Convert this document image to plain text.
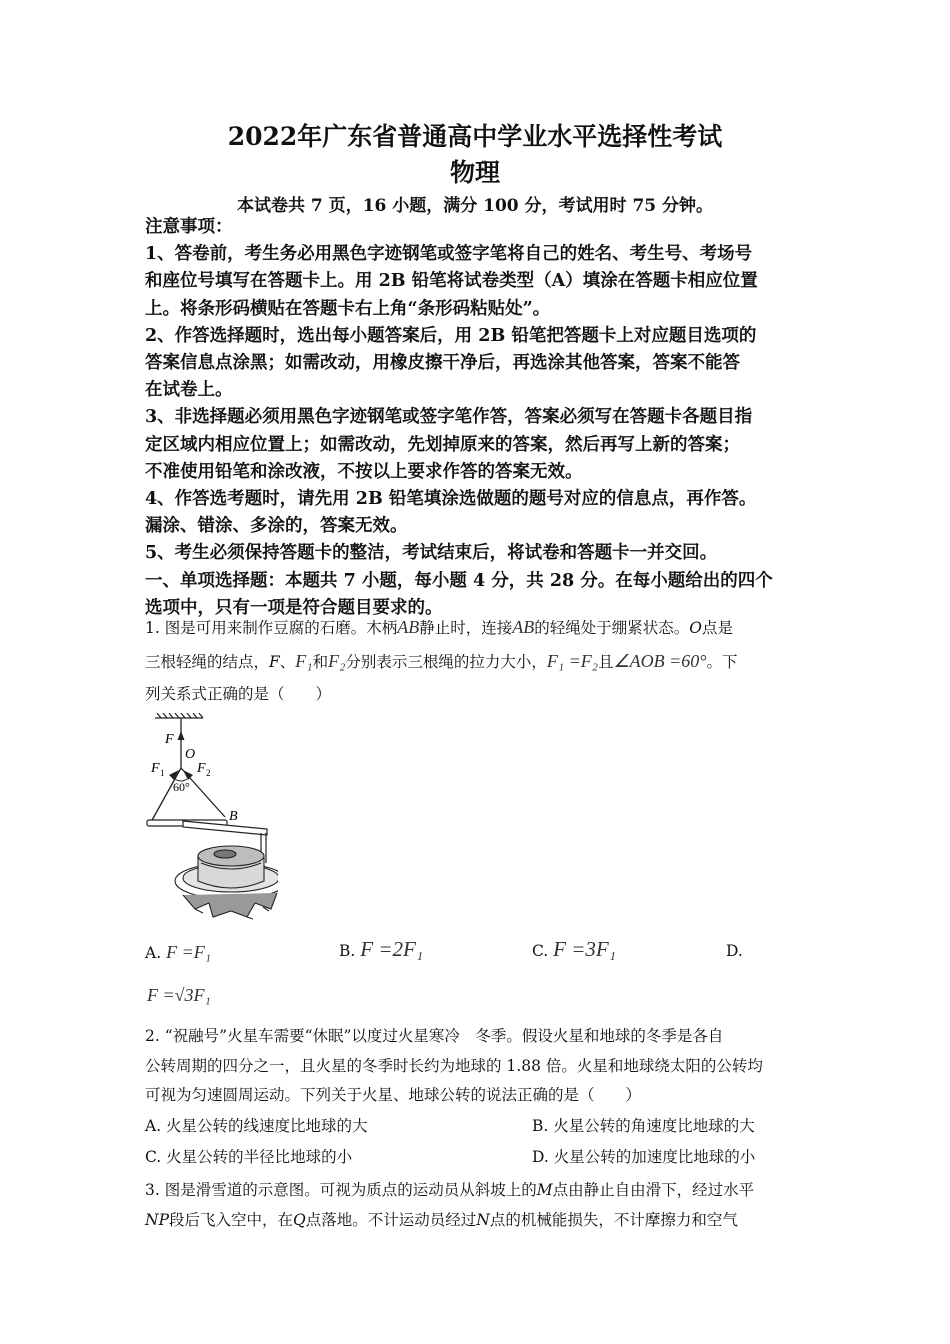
2022年广东省普通高中学业水平选择性考试
物理
本试卷共 7 页，16 小题，满分 100 分，考试用时 75 分钟。

注意事项：

1、答卷前，考生务必用黑色字迹钢笔或签字笔将自己的姓名、考生号、考场号

和座位号填写在答题卡上。用 2B 铅笔将试卷类型（A）填涂在答题卡相应位置

上。将条形码横贴在答题卡右上角“条形码粘贴处”。

2、作答选择题时，选出每小题答案后，用 2B 铅笔把答题卡上对应题目选项的

答案信息点涂黑；如需改动，用橡皮擦干净后，再选涂其他答案，答案不能答

在试卷上。

3、非选择题必须用黑色字迹钢笔或签字笔作答，答案必须写在答题卡各题目指

定区域内相应位置上；如需改动，先划掉原来的答案，然后再写上新的答案；

不准使用铅笔和涂改液，不按以上要求作答的答案无效。

4、作答选考题时，请先用 2B 铅笔填涂选做题的题号对应的信息点，再作答。

漏涂、错涂、多涂的，答案无效。

5、考生必须保持答题卡的整洁，考试结束后，将试卷和答题卡一并交回。

一、单项选择题：本题共 7 小题，每小题 4 分，共 28 分。在每小题给出的四个

选项中，只有一项是符合题目要求的。

1. 图是可用来制作豆腐的石磨。木柄AB静止时，连接AB的轻绳处于绷紧状态。O点是

三根轻绳的结点，F、F₁和F₂分别表示三根绳的拉力大小，F₁ =F₂且∠AOB =60°。下

列关系式正确的是（　　）

F
O
F 1 F 2
60°
B
A. F =F₁	B. F =2F₁	C. F =3F₁	D.
F =√3F₁

2. “祝融号”火星车需要“休眠”以度过火星寒冷　冬季。假设火星和地球的冬季是各自

公转周期的四分之一，且火星的冬季时长约为地球的 1.88 倍。火星和地球绕太阳的公转均

可视为匀速圆周运动。下列关于火星、地球公转的说法正确的是（　　）

A. 火星公转的线速度比地球的大	B. 火星公转的角速度比地球的大
C. 火星公转的半径比地球的小	D. 火星公转的加速度比地球的小

3. 图是滑雪道的示意图。可视为质点的运动员从斜坡上的M点由静止自由滑下，经过水平

NP段后飞入空中，在Q点落地。不计运动员经过N点的机械能损失，不计摩擦力和空气
